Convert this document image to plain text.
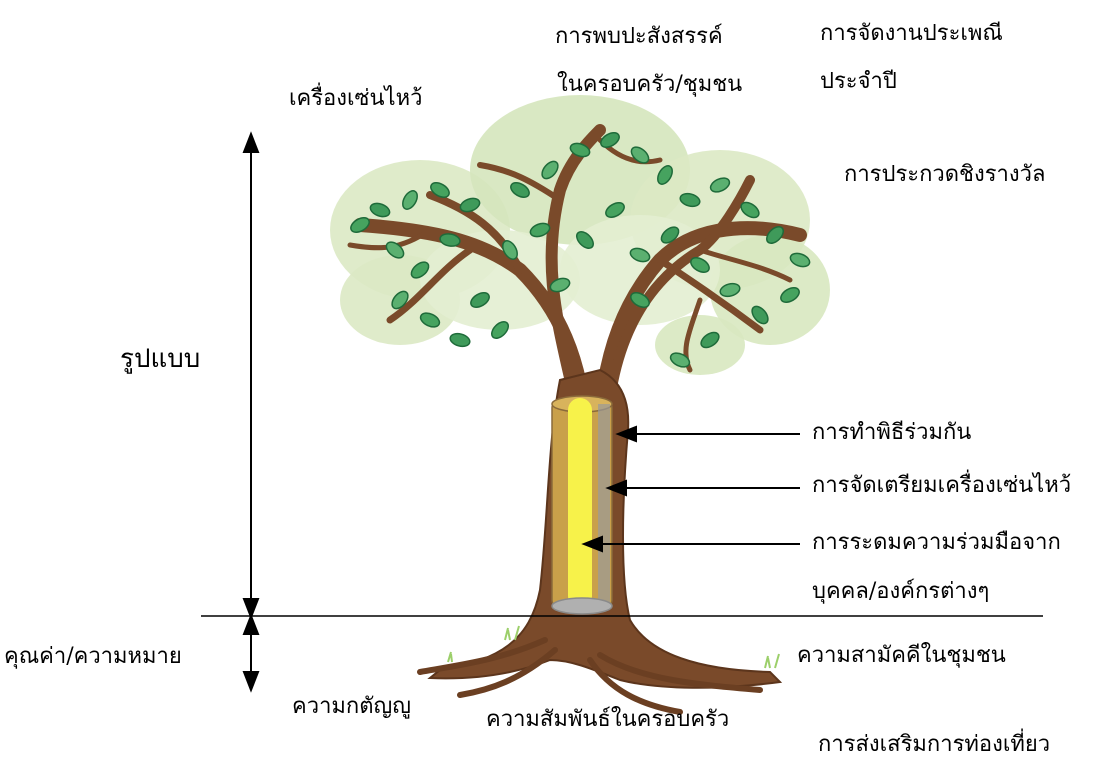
เครื่องเซ่นไหว้
การพบปะสังสรรค์
ในครอบครัว/ชุมชน
การจัดงานประเพณี
ประจำปี
การประกวดชิงรางวัล
รูปแบบ
คุณค่า/ความหมาย
การทำพิธีร่วมกัน
การจัดเตรียมเครื่องเซ่นไหว้
การระดมความร่วมมือจาก
บุคคล/องค์กรต่างๆ
ความกตัญญู
ความสัมพันธ์ในครอบครัว
ความสามัคคีในชุมชน
การส่งเสริมการท่องเที่ยว
